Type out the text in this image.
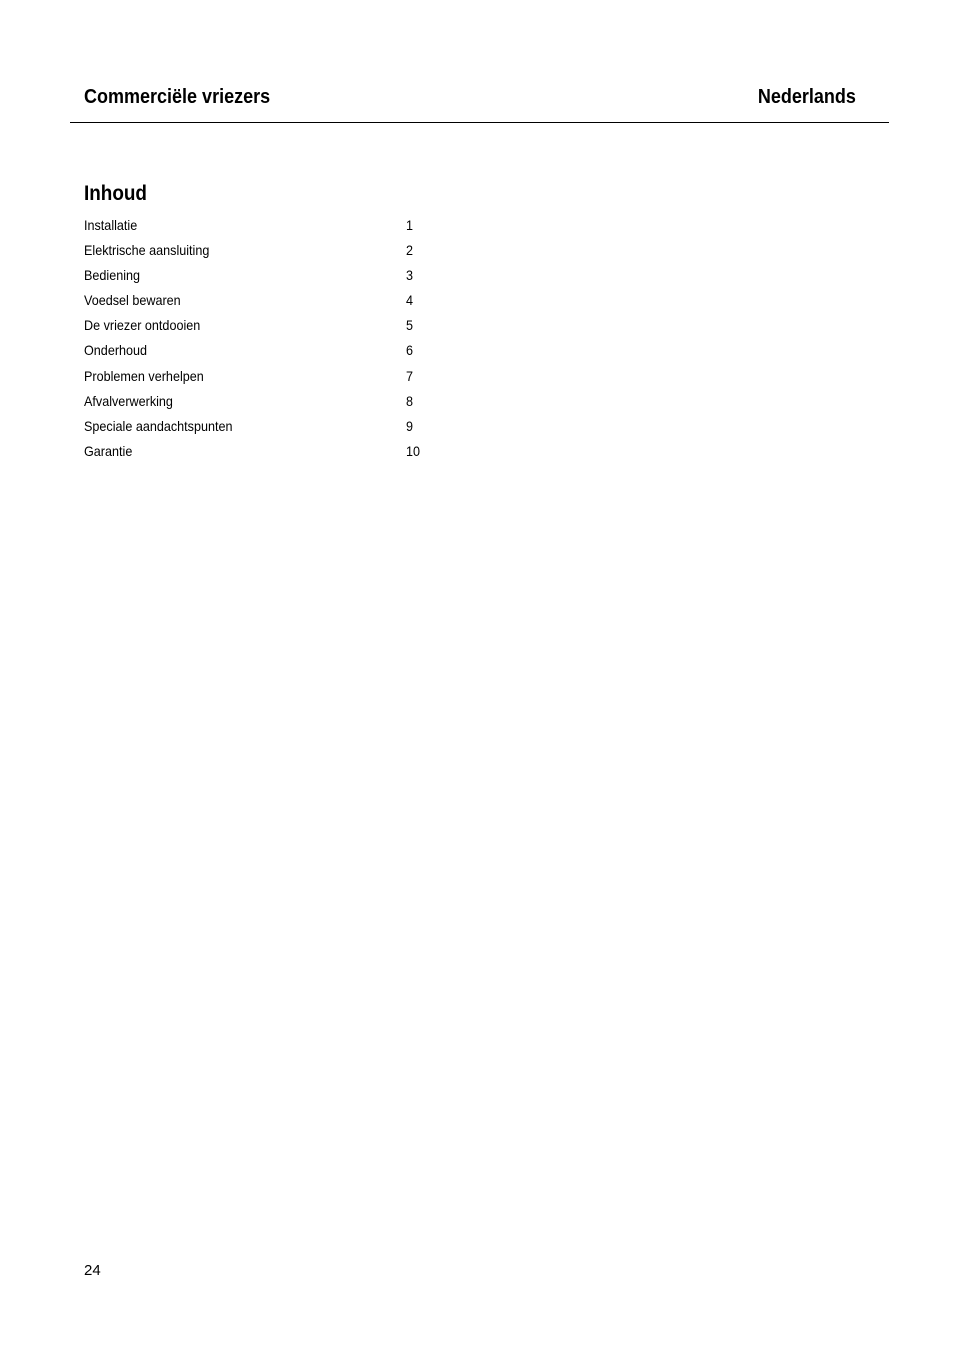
Commerciële vriezers	Nederlands
Inhoud
Installatie	1
Elektrische aansluiting	2
Bediening	3
Voedsel bewaren	4
De vriezer ontdooien	5
Onderhoud	6
Problemen verhelpen	7
Afvalverwerking	8
Speciale aandachtspunten	9
Garantie	10
24
